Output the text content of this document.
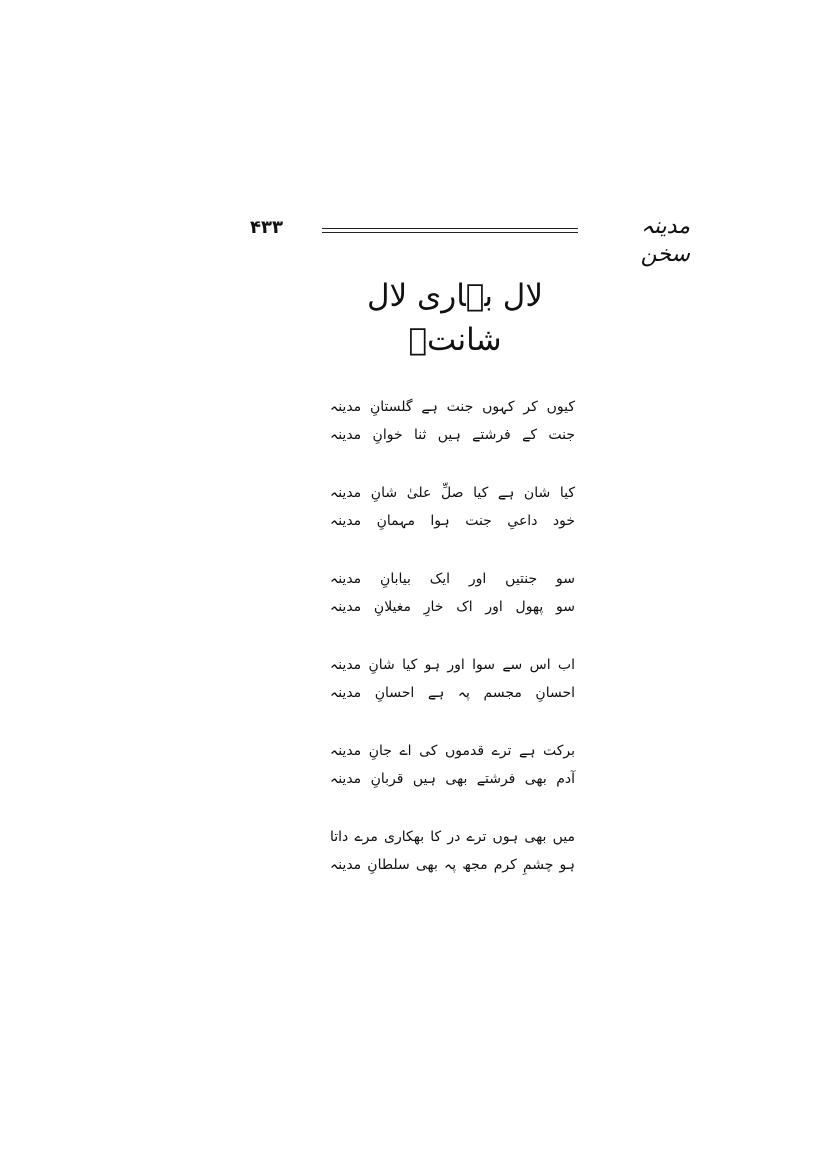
۴۳۳	مدینہ سخن
لال بہاری لال شانتؔ
کیوں کر کہوں جنت ہے گلستانِ مدینہ
جنت کے فرشتے ہیں ثنا خوانِ مدینہ
کیا شان ہے کیا صلِّ علیٰ شانِ مدینہ
خود داعیِ جنت ہوا مہمانِ مدینہ
سو جنتیں اور ایک بیابانِ مدینہ
سو پھول اور اک خارِ مغیلانِ مدینہ
اب اس سے سوا اور ہو کیا شانِ مدینہ
احسانِ مجسم پہ ہے احسانِ مدینہ
برکت ہے ترے قدموں کی اے جانِ مدینہ
آدم بھی فرشتے بھی ہیں قربانِ مدینہ
میں بھی ہوں ترے در کا بھکاری مرے داتا
ہو چشمِ کرم مجھ پہ بھی سلطانِ مدینہ
